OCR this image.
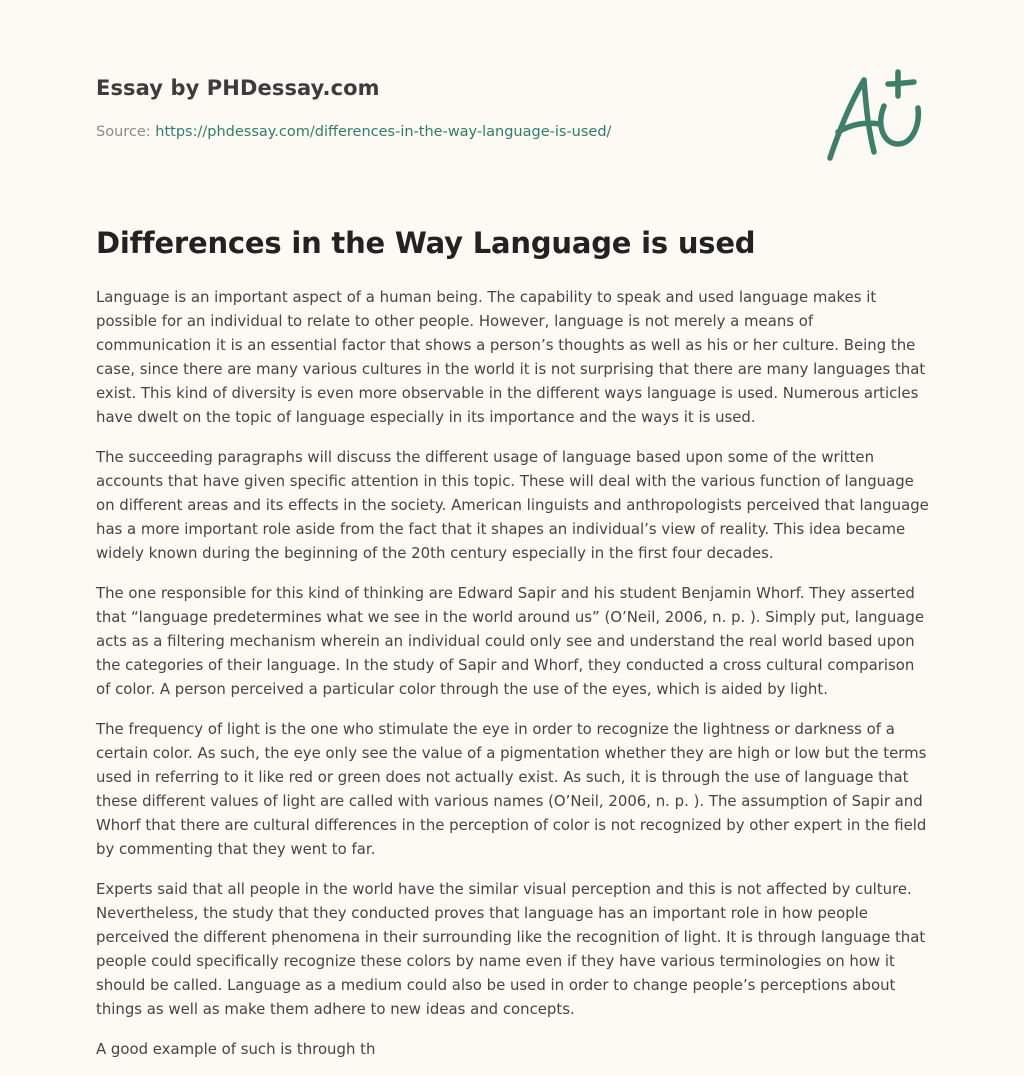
Essay by PHDessay.com
Source: https://phdessay.com/differences-in-the-way-language-is-used/
Differences in the Way Language is used

Language is an important aspect of a human being. The capability to speak and used language makes it possible for an individual to relate to other people. However, language is not merely a means of communication it is an essential factor that shows a person’s thoughts as well as his or her culture. Being the case, since there are many various cultures in the world it is not surprising that there are many languages that exist. This kind of diversity is even more observable in the different ways language is used. Numerous articles have dwelt on the topic of language especially in its importance and the ways it is used.

The succeeding paragraphs will discuss the different usage of language based upon some of the written accounts that have given specific attention in this topic. These will deal with the various function of language on different areas and its effects in the society. American linguists and anthropologists perceived that language has a more important role aside from the fact that it shapes an individual’s view of reality. This idea became widely known during the beginning of the 20th century especially in the first four decades.

The one responsible for this kind of thinking are Edward Sapir and his student Benjamin Whorf. They asserted that “language predetermines what we see in the world around us” (O’Neil, 2006, n. p. ). Simply put, language acts as a filtering mechanism wherein an individual could only see and understand the real world based upon the categories of their language. In the study of Sapir and Whorf, they conducted a cross cultural comparison of color. A person perceived a particular color through the use of the eyes, which is aided by light.

The frequency of light is the one who stimulate the eye in order to recognize the lightness or darkness of a certain color. As such, the eye only see the value of a pigmentation whether they are high or low but the terms used in referring to it like red or green does not actually exist. As such, it is through the use of language that these different values of light are called with various names (O’Neil, 2006, n. p. ). The assumption of Sapir and Whorf that there are cultural differences in the perception of color is not recognized by other expert in the field by commenting that they went to far.

Experts said that all people in the world have the similar visual perception and this is not affected by culture. Nevertheless, the study that they conducted proves that language has an important role in how people perceived the different phenomena in their surrounding like the recognition of light. It is through language that people could specifically recognize these colors by name even if they have various terminologies on how it should be called. Language as a medium could also be used in order to change people’s perceptions about things as well as make them adhere to new ideas and concepts.

A good example of such is through th
